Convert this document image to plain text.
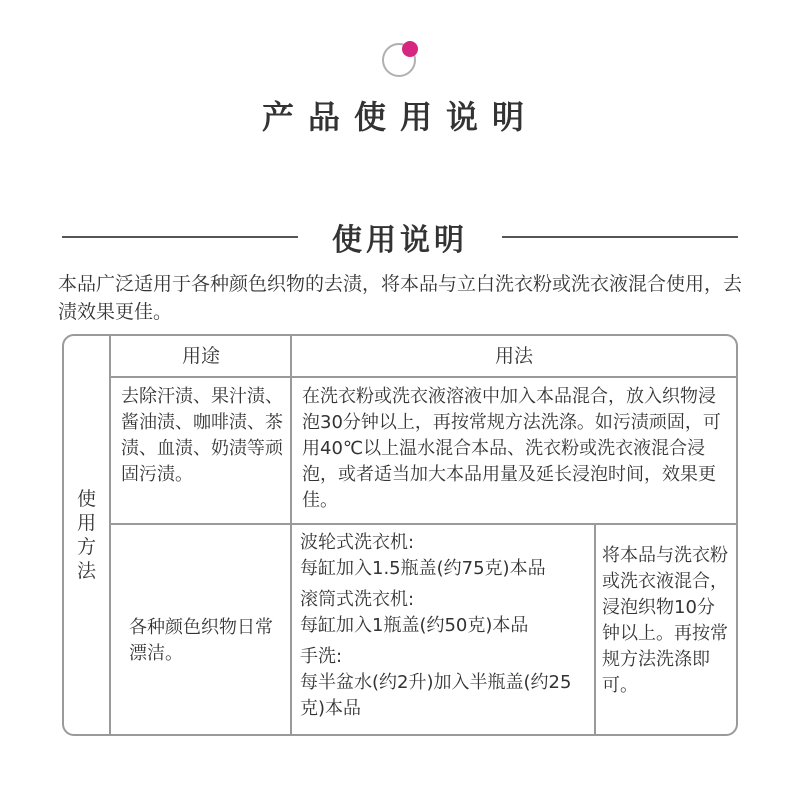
产品使用说明
使用说明
本品广泛适用于各种颜色织物的去渍，将本品与立白洗衣粉或洗衣液混合使用，去渍效果更佳。
使用方法
用途	用法
去除汗渍、果汁渍、酱油渍、咖啡渍、茶渍、血渍、奶渍等顽固污渍。
在洗衣粉或洗衣液溶液中加入本品混合，放入织物浸泡30分钟以上，再按常规方法洗涤。如污渍顽固，可用40℃以上温水混合本品、洗衣粉或洗衣液混合浸泡，或者适当加大本品用量及延长浸泡时间，效果更佳。
各种颜色织物日常漂洁。
波轮式洗衣机:
每缸加入1.5瓶盖(约75克)本品
滚筒式洗衣机:
每缸加入1瓶盖(约50克)本品
手洗:
每半盆水(约2升)加入半瓶盖(约25克)本品
将本品与洗衣粉或洗衣液混合，浸泡织物10分钟以上。再按常规方法洗涤即可。
